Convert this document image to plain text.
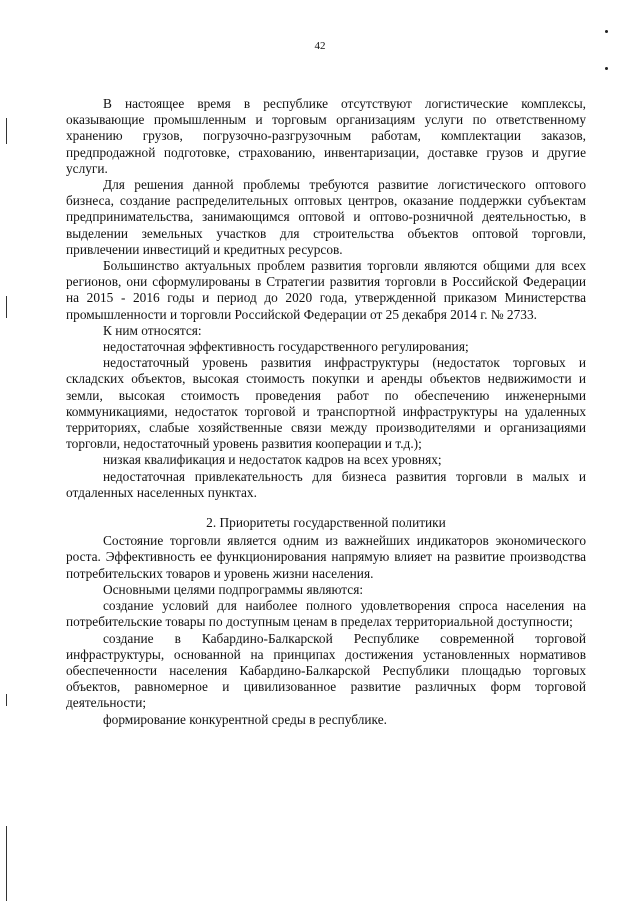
42

В настоящее время в республике отсутствуют логистические комплексы, оказывающие промышленным и торговым организациям услуги по ответственному хранению грузов, погрузочно-разгрузочным работам, комплектации заказов, предпродажной подготовке, страхованию, инвентаризации, доставке грузов и другие услуги.

Для решения данной проблемы требуются развитие логистического оптового бизнеса, создание распределительных оптовых центров, оказание поддержки субъектам предпринимательства, занимающимся оптовой и оптово-розничной деятельностью, в выделении земельных участков для строительства объектов оптовой торговли, привлечении инвестиций и кредитных ресурсов.

Большинство актуальных проблем развития торговли являются общими для всех регионов, они сформулированы в Стратегии развития торговли в Российской Федерации на 2015 - 2016 годы и период до 2020 года, утвержденной приказом Министерства промышленности и торговли Российской Федерации от 25 декабря 2014 г. № 2733.

К ним относятся:

недостаточная эффективность государственного регулирования;

недостаточный уровень развития инфраструктуры (недостаток торговых и складских объектов, высокая стоимость покупки и аренды объектов недвижимости и земли, высокая стоимость проведения работ по обеспечению инженерными коммуникациями, недостаток торговой и транспортной инфраструктуры на удаленных территориях, слабые хозяйственные связи между производителями и организациями торговли, недостаточный уровень развития кооперации и т.д.);

низкая квалификация и недостаток кадров на всех уровнях;

недостаточная привлекательность для бизнеса развития торговли в малых и отдаленных населенных пунктах.

2. Приоритеты государственной политики

Состояние торговли является одним из важнейших индикаторов экономического роста. Эффективность ее функционирования напрямую влияет на развитие производства потребительских товаров и уровень жизни населения.

Основными целями подпрограммы являются:

создание условий для наиболее полного удовлетворения спроса населения на потребительские товары по доступным ценам в пределах территориальной доступности;

создание в Кабардино-Балкарской Республике современной торговой инфраструктуры, основанной на принципах достижения установленных нормативов обеспеченности населения Кабардино-Балкарской Республики площадью торговых объектов, равномерное и цивилизованное развитие различных форм торговой деятельности;

формирование конкурентной среды в республике.
